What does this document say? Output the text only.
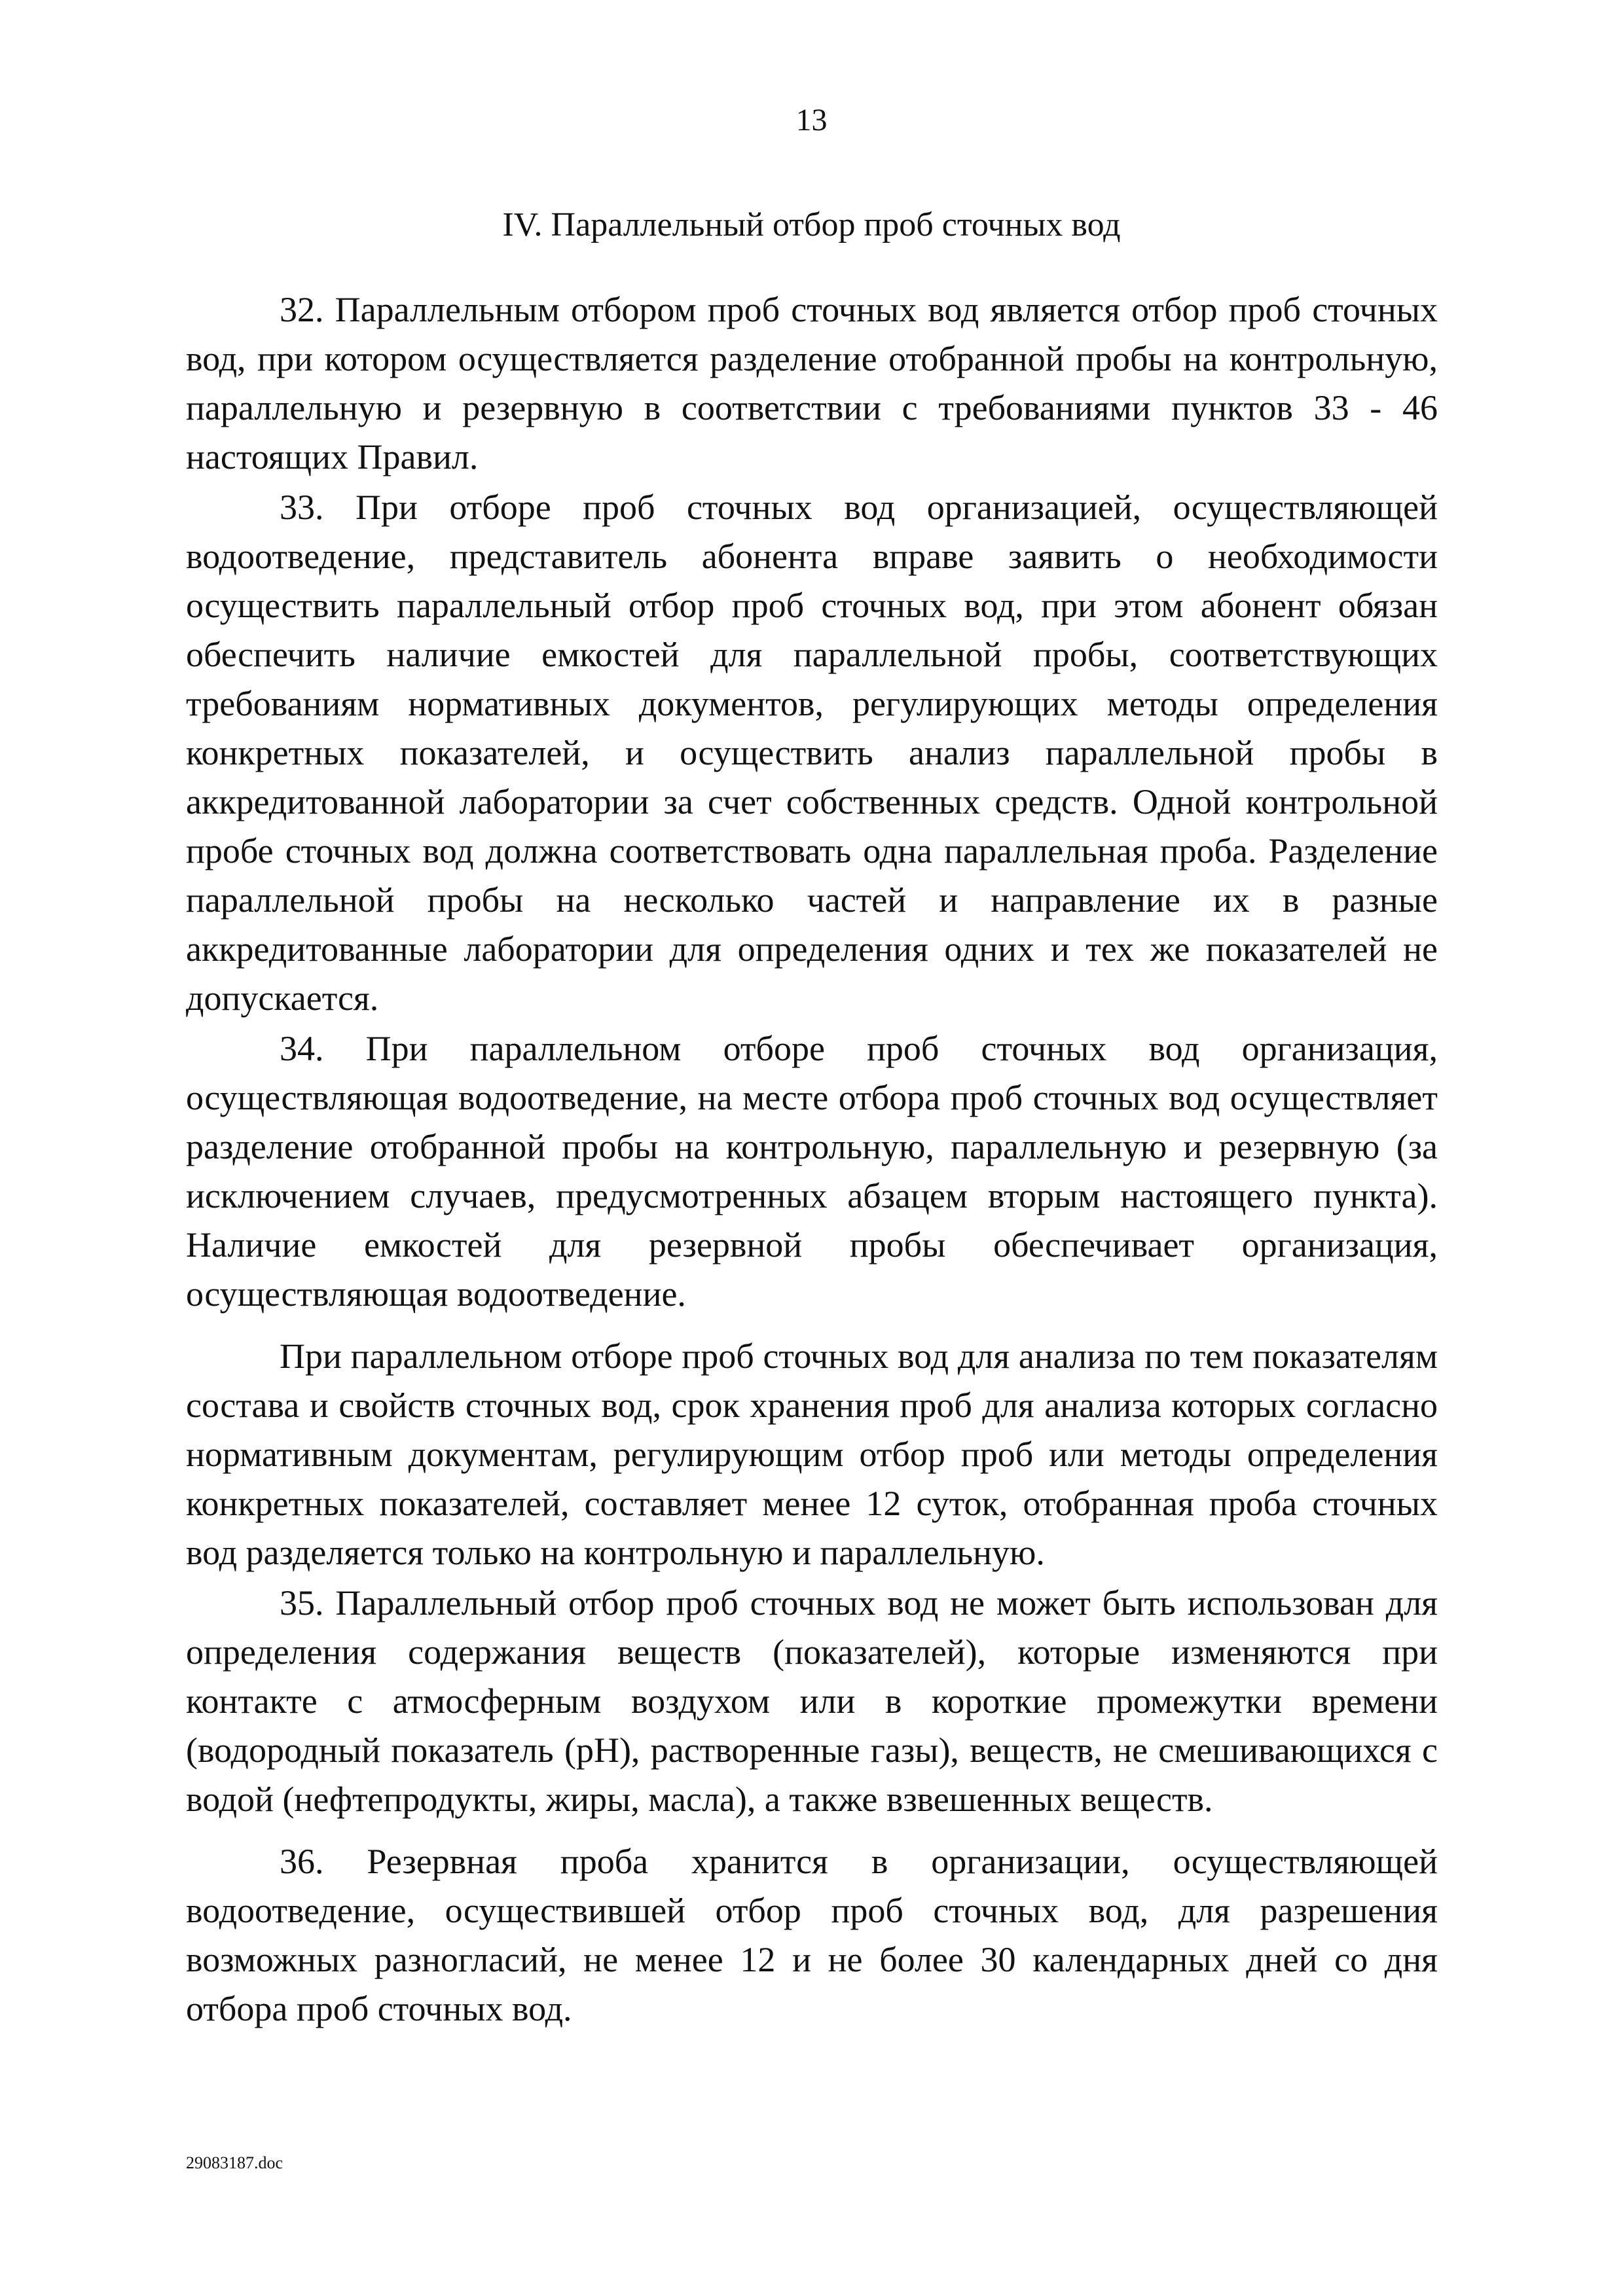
13
IV. Параллельный отбор проб сточных вод

32. Параллельным отбором проб сточных вод является отбор проб сточных вод, при котором осуществляется разделение отобранной пробы на контрольную, параллельную и резервную в соответствии с требованиями пунктов 33 - 46 настоящих Правил.

33. При отборе проб сточных вод организацией, осуществляющей водоотведение, представитель абонента вправе заявить о необходимости осуществить параллельный отбор проб сточных вод, при этом абонент обязан обеспечить наличие емкостей для параллельной пробы, соответствующих требованиям нормативных документов, регулирующих методы определения конкретных показателей, и осуществить анализ параллельной пробы в аккредитованной лаборатории за счет собственных средств. Одной контрольной пробе сточных вод должна соответствовать одна параллельная проба. Разделение параллельной пробы на несколько частей и направление их в разные аккредитованные лаборатории для определения одних и тех же показателей не допускается.

34. При параллельном отборе проб сточных вод организация, осуществляющая водоотведение, на месте отбора проб сточных вод осуществляет разделение отобранной пробы на контрольную, параллельную и резервную (за исключением случаев, предусмотренных абзацем вторым настоящего пункта). Наличие емкостей для резервной пробы обеспечивает организация, осуществляющая водоотведение.

При параллельном отборе проб сточных вод для анализа по тем показателям состава и свойств сточных вод, срок хранения проб для анализа которых согласно нормативным документам, регулирующим отбор проб или методы определения конкретных показателей, составляет менее 12 суток, отобранная проба сточных вод разделяется только на контрольную и параллельную.

35. Параллельный отбор проб сточных вод не может быть использован для определения содержания веществ (показателей), которые изменяются при контакте с атмосферным воздухом или в короткие промежутки времени (водородный показатель (pH), растворенные газы), веществ, не смешивающихся с водой (нефтепродукты, жиры, масла), а также взвешенных веществ.

36. Резервная проба хранится в организации, осуществляющей водоотведение, осуществившей отбор проб сточных вод, для разрешения возможных разногласий, не менее 12 и не более 30 календарных дней со дня отбора проб сточных вод.

29083187.doc
